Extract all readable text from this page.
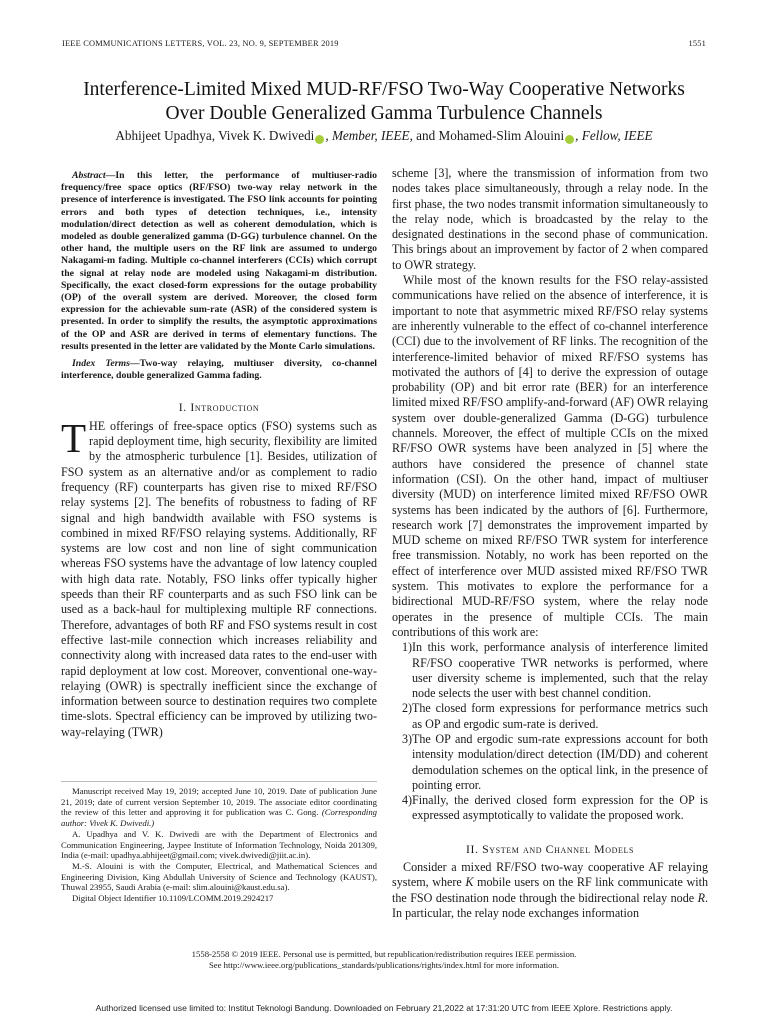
IEEE COMMUNICATIONS LETTERS, VOL. 23, NO. 9, SEPTEMBER 2019	1551
Interference-Limited Mixed MUD-RF/FSO Two-Way Cooperative Networks
Over Double Generalized Gamma Turbulence Channels
Abhijeet Upadhya, Vivek K. Dwivedi , Member, IEEE, and Mohamed-Slim Alouini , Fellow, IEEE

Abstract—In this letter, the performance of multiuser-radio frequency/free space optics (RF/FSO) two-way relay network in the presence of interference is investigated. The FSO link accounts for pointing errors and both types of detection techniques, i.e., intensity modulation/direct detection as well as coherent demodulation, which is modeled as double generalized gamma (D-GG) turbulence channel. On the other hand, the multiple users on the RF link are assumed to undergo Nakagami-m fading. Multiple co-channel interferers (CCIs) which corrupt the signal at relay node are modeled using Nakagami-m distribution. Specifically, the exact closed-form expressions for the outage probability (OP) of the overall system are derived. Moreover, the closed form expression for the achievable sum-rate (ASR) of the considered system is presented. In order to simplify the results, the asymptotic approximations of the OP and ASR are derived in terms of elementary functions. The results presented in the letter are validated by the Monte Carlo simulations.

Index Terms—Two-way relaying, multiuser diversity, co-channel interference, double generalized Gamma fading.

I. Introduction

THE offerings of free-space optics (FSO) systems such as rapid deployment time, high security, flexibility are limited by the atmospheric turbulence [1]. Besides, utilization of FSO system as an alternative and/or as complement to radio frequency (RF) counterparts has given rise to mixed RF/FSO relay systems [2]. The benefits of robustness to fading of RF signal and high bandwidth available with FSO systems is combined in mixed RF/FSO relaying systems. Additionally, RF systems are low cost and non line of sight communication whereas FSO systems have the advantage of low latency coupled with high data rate. Notably, FSO links offer typically higher speeds than their RF counterparts and as such FSO link can be used as a back-haul for multiplexing multiple RF connections. Therefore, advantages of both RF and FSO systems result in cost effective last-mile connection which increases reliability and connectivity along with increased data rates to the end-user with rapid deployment at low cost. Moreover, conventional one-way-relaying (OWR) is spectrally inefficient since the exchange of information between source to destination requires two complete time-slots. Spectral efficiency can be improved by utilizing two-way-relaying (TWR)

Manuscript received May 19, 2019; accepted June 10, 2019. Date of publication June 21, 2019; date of current version September 10, 2019. The associate editor coordinating the review of this letter and approving it for publication was C. Gong. (Corresponding author: Vivek K. Dwivedi.)

A. Upadhya and V. K. Dwivedi are with the Department of Electronics and Communication Engineering, Jaypee Institute of Information Technology, Noida 201309, India (e-mail: upadhya.abhijeet@gmail.com; vivek.dwivedi@jiit.ac.in).

M.-S. Alouini is with the Computer, Electrical, and Mathematical Sciences and Engineering Division, King Abdullah University of Science and Technology (KAUST), Thuwal 23955, Saudi Arabia (e-mail: slim.alouini@kaust.edu.sa).

Digital Object Identifier 10.1109/LCOMM.2019.2924217

scheme [3], where the transmission of information from two nodes takes place simultaneously, through a relay node. In the first phase, the two nodes transmit information simultaneously to the relay node, which is broadcasted by the relay to the designated destinations in the second phase of communication. This brings about an improvement by factor of 2 when compared to OWR strategy.

While most of the known results for the FSO relay-assisted communications have relied on the absence of interference, it is important to note that asymmetric mixed RF/FSO relay systems are inherently vulnerable to the effect of co-channel interference (CCI) due to the involvement of RF links. The recognition of the interference-limited behavior of mixed RF/FSO systems has motivated the authors of [4] to derive the expression of outage probability (OP) and bit error rate (BER) for an interference limited mixed RF/FSO amplify-and-forward (AF) OWR relaying system over double-generalized Gamma (D-GG) turbulence channels. Moreover, the effect of multiple CCIs on the mixed RF/FSO OWR systems have been analyzed in [5] where the authors have considered the presence of channel state information (CSI). On the other hand, impact of multiuser diversity (MUD) on interference limited mixed RF/FSO OWR systems has been indicated by the authors of [6]. Furthermore, research work [7] demonstrates the improvement imparted by MUD scheme on mixed RF/FSO TWR system for interference free transmission. Notably, no work has been reported on the effect of interference over MUD assisted mixed RF/FSO TWR system. This motivates to explore the performance for a bidirectional MUD-RF/FSO system, where the relay node operates in the presence of multiple CCIs. The main contributions of this work are:

1) In this work, performance analysis of interference limited RF/FSO cooperative TWR networks is performed, where user diversity scheme is implemented, such that the relay node selects the user with best channel condition.
2) The closed form expressions for performance metrics such as OP and ergodic sum-rate is derived.
3) The OP and ergodic sum-rate expressions account for both intensity modulation/direct detection (IM/DD) and coherent demodulation schemes on the optical link, in the presence of pointing error.
4) Finally, the derived closed form expression for the OP is expressed asymptotically to validate the proposed work.

II. System and Channel Models

Consider a mixed RF/FSO two-way cooperative AF relaying system, where K mobile users on the RF link communicate with the FSO destination node through the bidirectional relay node R. In particular, the relay node exchanges information

1558-2558 © 2019 IEEE. Personal use is permitted, but republication/redistribution requires IEEE permission.
See http://www.ieee.org/publications_standards/publications/rights/index.html for more information.
Authorized licensed use limited to: Institut Teknologi Bandung. Downloaded on February 21,2022 at 17:31:20 UTC from IEEE Xplore. Restrictions apply.
